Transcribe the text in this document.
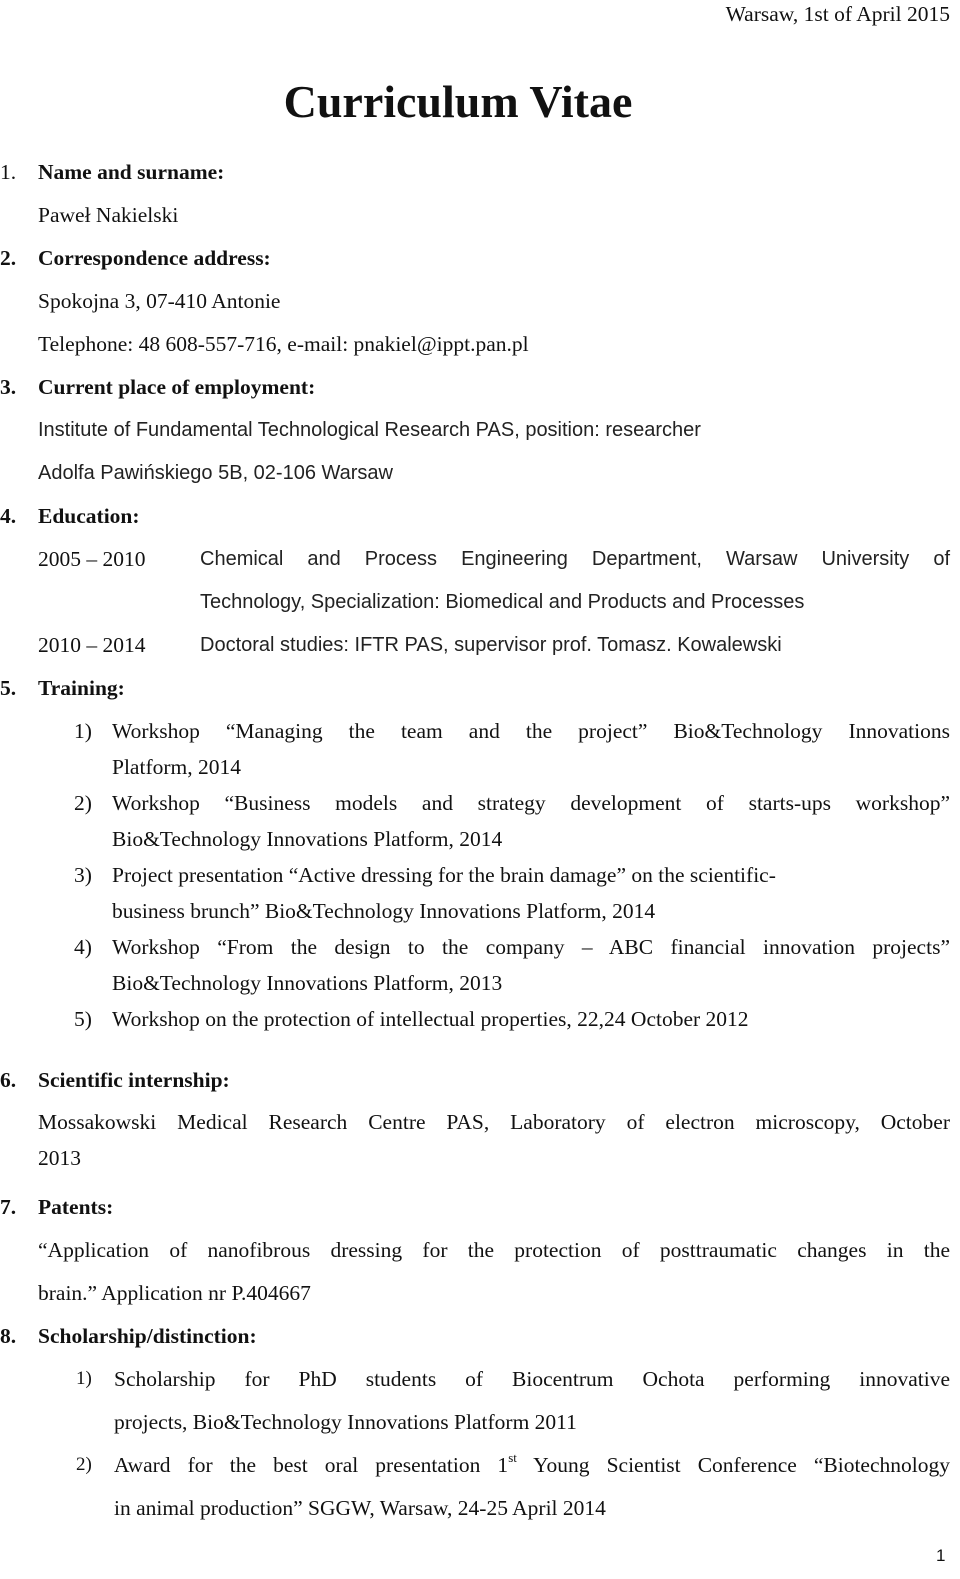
Warsaw, 1st of April 2015
Curriculum Vitae
1. Name and surname:
Paweł Nakielski
2. Correspondence address:
Spokojna 3, 07-410 Antonie
Telephone: 48 608-557-716, e-mail: pnakiel@ippt.pan.pl
3. Current place of employment:
Institute of Fundamental Technological Research PAS, position: researcher
Adolfa Pawińskiego 5B, 02-106 Warsaw
4. Education:
2005 – 2010	Chemical and Process Engineering Department, Warsaw University of
Technology, Specialization: Biomedical and Products and Processes
2010 – 2014	Doctoral studies: IFTR PAS, supervisor prof. Tomasz. Kowalewski
5. Training:
1) Workshop “Managing the team and the project” Bio&Technology Innovations
Platform, 2014
2) Workshop “Business models and strategy development of starts-ups workshop”
Bio&Technology Innovations Platform, 2014
3) Project presentation “Active dressing for the brain damage” on the scientific-
business brunch” Bio&Technology Innovations Platform, 2014
4) Workshop “From the design to the company – ABC financial innovation projects”
Bio&Technology Innovations Platform, 2013
5) Workshop on the protection of intellectual properties, 22,24 October 2012
6. Scientific internship:
Mossakowski Medical Research Centre PAS, Laboratory of electron microscopy, October
2013
7. Patents:
“Application of nanofibrous dressing for the protection of posttraumatic changes in the
brain.” Application nr P.404667
8. Scholarship/distinction:
1) Scholarship for PhD students of Biocentrum Ochota performing innovative
projects, Bio&Technology Innovations Platform 2011
2) Award for the best oral presentation 1st Young Scientist Conference “Biotechnology
in animal production” SGGW, Warsaw, 24-25 April 2014
1
